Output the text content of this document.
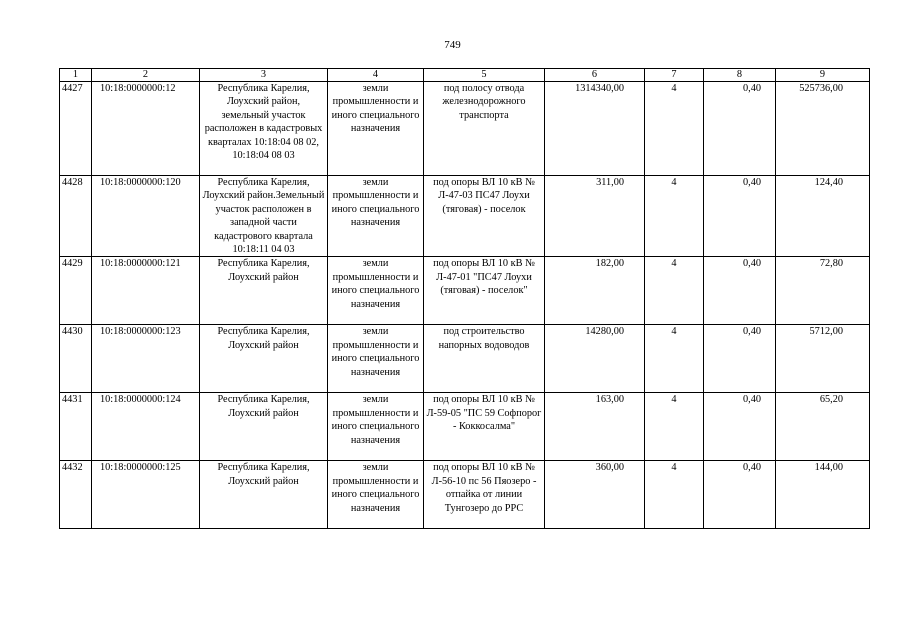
749
1	2	3	4	5	6	7	8	9
4427	10:18:0000000:12	Республика Карелия, Лоухский район, земельный участок расположен в кадастровых кварталах 10:18:04 08 02, 10:18:04 08 03	земли промышленности и иного специального назначения	под полосу отвода железнодорожного транспорта	1314340,00	4	0,40	525736,00
4428	10:18:0000000:120	Республика Карелия, Лоухский район.Земельный участок расположен в западной части кадастрового квартала 10:18:11 04 03	земли промышленности и иного специального назначения	под опоры ВЛ 10 кВ № Л-47-03 ПС47 Лоухи (тяговая) - поселок	311,00	4	0,40	124,40
4429	10:18:0000000:121	Республика Карелия, Лоухский район	земли промышленности и иного специального назначения	под опоры ВЛ 10 кВ № Л-47-01 "ПС47 Лоухи (тяговая) - поселок"	182,00	4	0,40	72,80
4430	10:18:0000000:123	Республика Карелия, Лоухский район	земли промышленности и иного специального назначения	под строительство напорных водоводов	14280,00	4	0,40	5712,00
4431	10:18:0000000:124	Республика Карелия, Лоухский район	земли промышленности и иного специального назначения	под опоры ВЛ 10 кВ № Л-59-05 "ПС 59 Софпорог - Коккосалма"	163,00	4	0,40	65,20
4432	10:18:0000000:125	Республика Карелия, Лоухский район	земли промышленности и иного специального назначения	под опоры ВЛ 10 кВ № Л-56-10 пс 56 Пяозеро - отпайка от линии Тунгозеро до РРС	360,00	4	0,40	144,00
